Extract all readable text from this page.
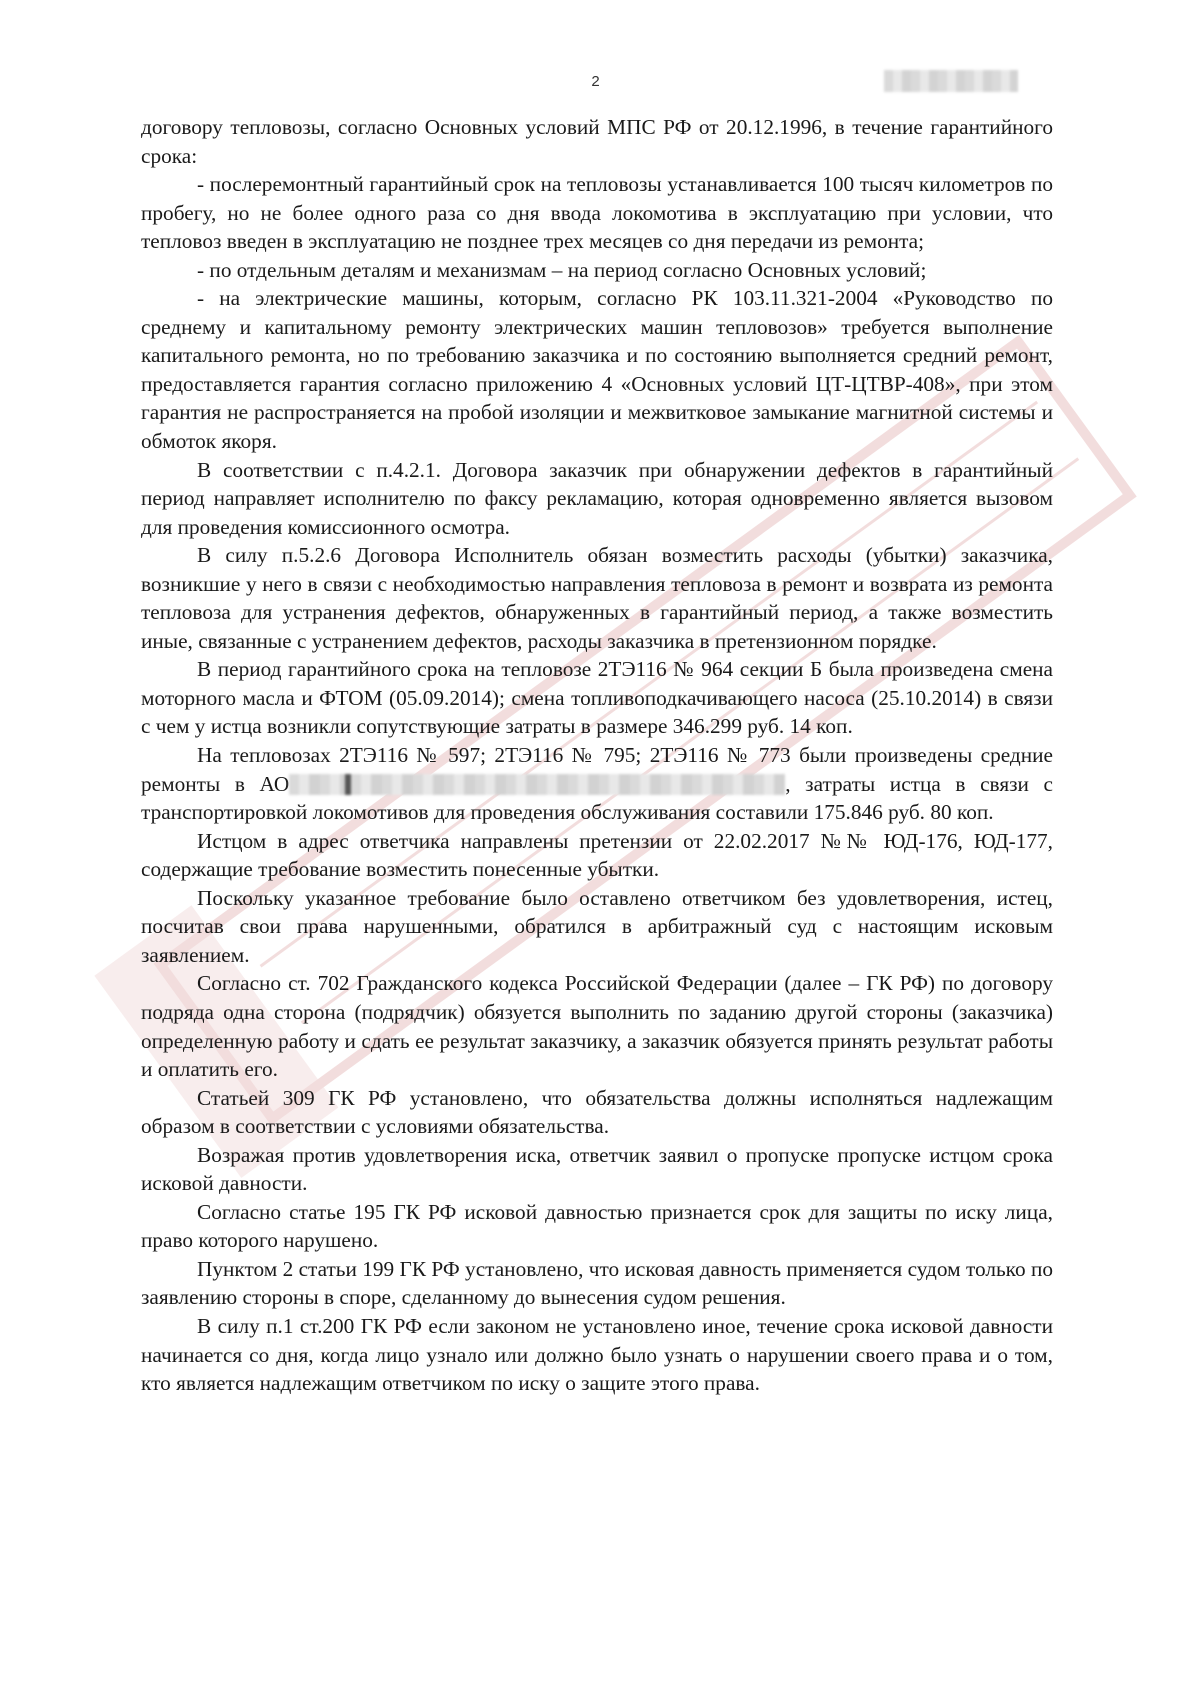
2

договору тепловозы, согласно Основных условий МПС РФ от 20.12.1996, в течение гарантийного срока:

- послеремонтный гарантийный срок на тепловозы устанавливается 100 тысяч километров по пробегу, но не более одного раза со дня ввода локомотива в эксплуатацию при условии, что тепловоз введен в эксплуатацию не позднее трех месяцев со дня передачи из ремонта;

- по отдельным деталям и механизмам – на период согласно Основных условий;

- на электрические машины, которым, согласно РК 103.11.321-2004 «Руководство по среднему и капитальному ремонту электрических машин тепловозов» требуется выполнение капитального ремонта, но по требованию заказчика и по состоянию выполняется средний ремонт, предоставляется гарантия согласно приложению 4 «Основных условий ЦТ-ЦТВР-408», при этом гарантия не распространяется на пробой изоляции и межвитковое замыкание магнитной системы и обмоток якоря.

В соответствии с п.4.2.1. Договора заказчик при обнаружении дефектов в гарантийный период направляет исполнителю по факсу рекламацию, которая одновременно является вызовом для проведения комиссионного осмотра.

В силу п.5.2.6 Договора Исполнитель обязан возместить расходы (убытки) заказчика, возникшие у него в связи с необходимостью направления тепловоза в ремонт и возврата из ремонта тепловоза для устранения дефектов, обнаруженных в гарантийный период, а также возместить иные, связанные с устранением дефектов, расходы заказчика в претензионном порядке.

В период гарантийного срока на тепловозе 2ТЭ116 № 964 секции Б была произведена смена моторного масла и ФТОМ (05.09.2014); смена топливоподкачивающего насоса (25.10.2014) в связи с чем у истца возникли сопутствующие затраты в размере 346.299 руб. 14 коп.

На тепловозах 2ТЭ116 № 597; 2ТЭ116 № 795; 2ТЭ116 № 773 были произведены средние ремонты в АО	, затраты истца в связи с транспортировкой локомотивов для проведения обслуживания составили 175.846 руб. 80 коп.

Истцом в адрес ответчика направлены претензии от 22.02.2017 №№ ЮД-176, ЮД-177, содержащие требование возместить понесенные убытки.

Поскольку указанное требование было оставлено ответчиком без удовлетворения, истец, посчитав свои права нарушенными, обратился в арбитражный суд с настоящим исковым заявлением.

Согласно ст. 702 Гражданского кодекса Российской Федерации (далее – ГК РФ) по договору подряда одна сторона (подрядчик) обязуется выполнить по заданию другой стороны (заказчика) определенную работу и сдать ее результат заказчику, а заказчик обязуется принять результат работы и оплатить его.

Статьей 309 ГК РФ установлено, что обязательства должны исполняться надлежащим образом в соответствии с условиями обязательства.

Возражая против удовлетворения иска, ответчик заявил о пропуске пропуске истцом срока исковой давности.

Согласно статье 195 ГК РФ исковой давностью признается срок для защиты по иску лица, право которого нарушено.

Пунктом 2 статьи 199 ГК РФ установлено, что исковая давность применяется судом только по заявлению стороны в споре, сделанному до вынесения судом решения.

В силу п.1 ст.200 ГК РФ если законом не установлено иное, течение срока исковой давности начинается со дня, когда лицо узнало или должно было узнать о нарушении своего права и о том, кто является надлежащим ответчиком по иску о защите этого права.
